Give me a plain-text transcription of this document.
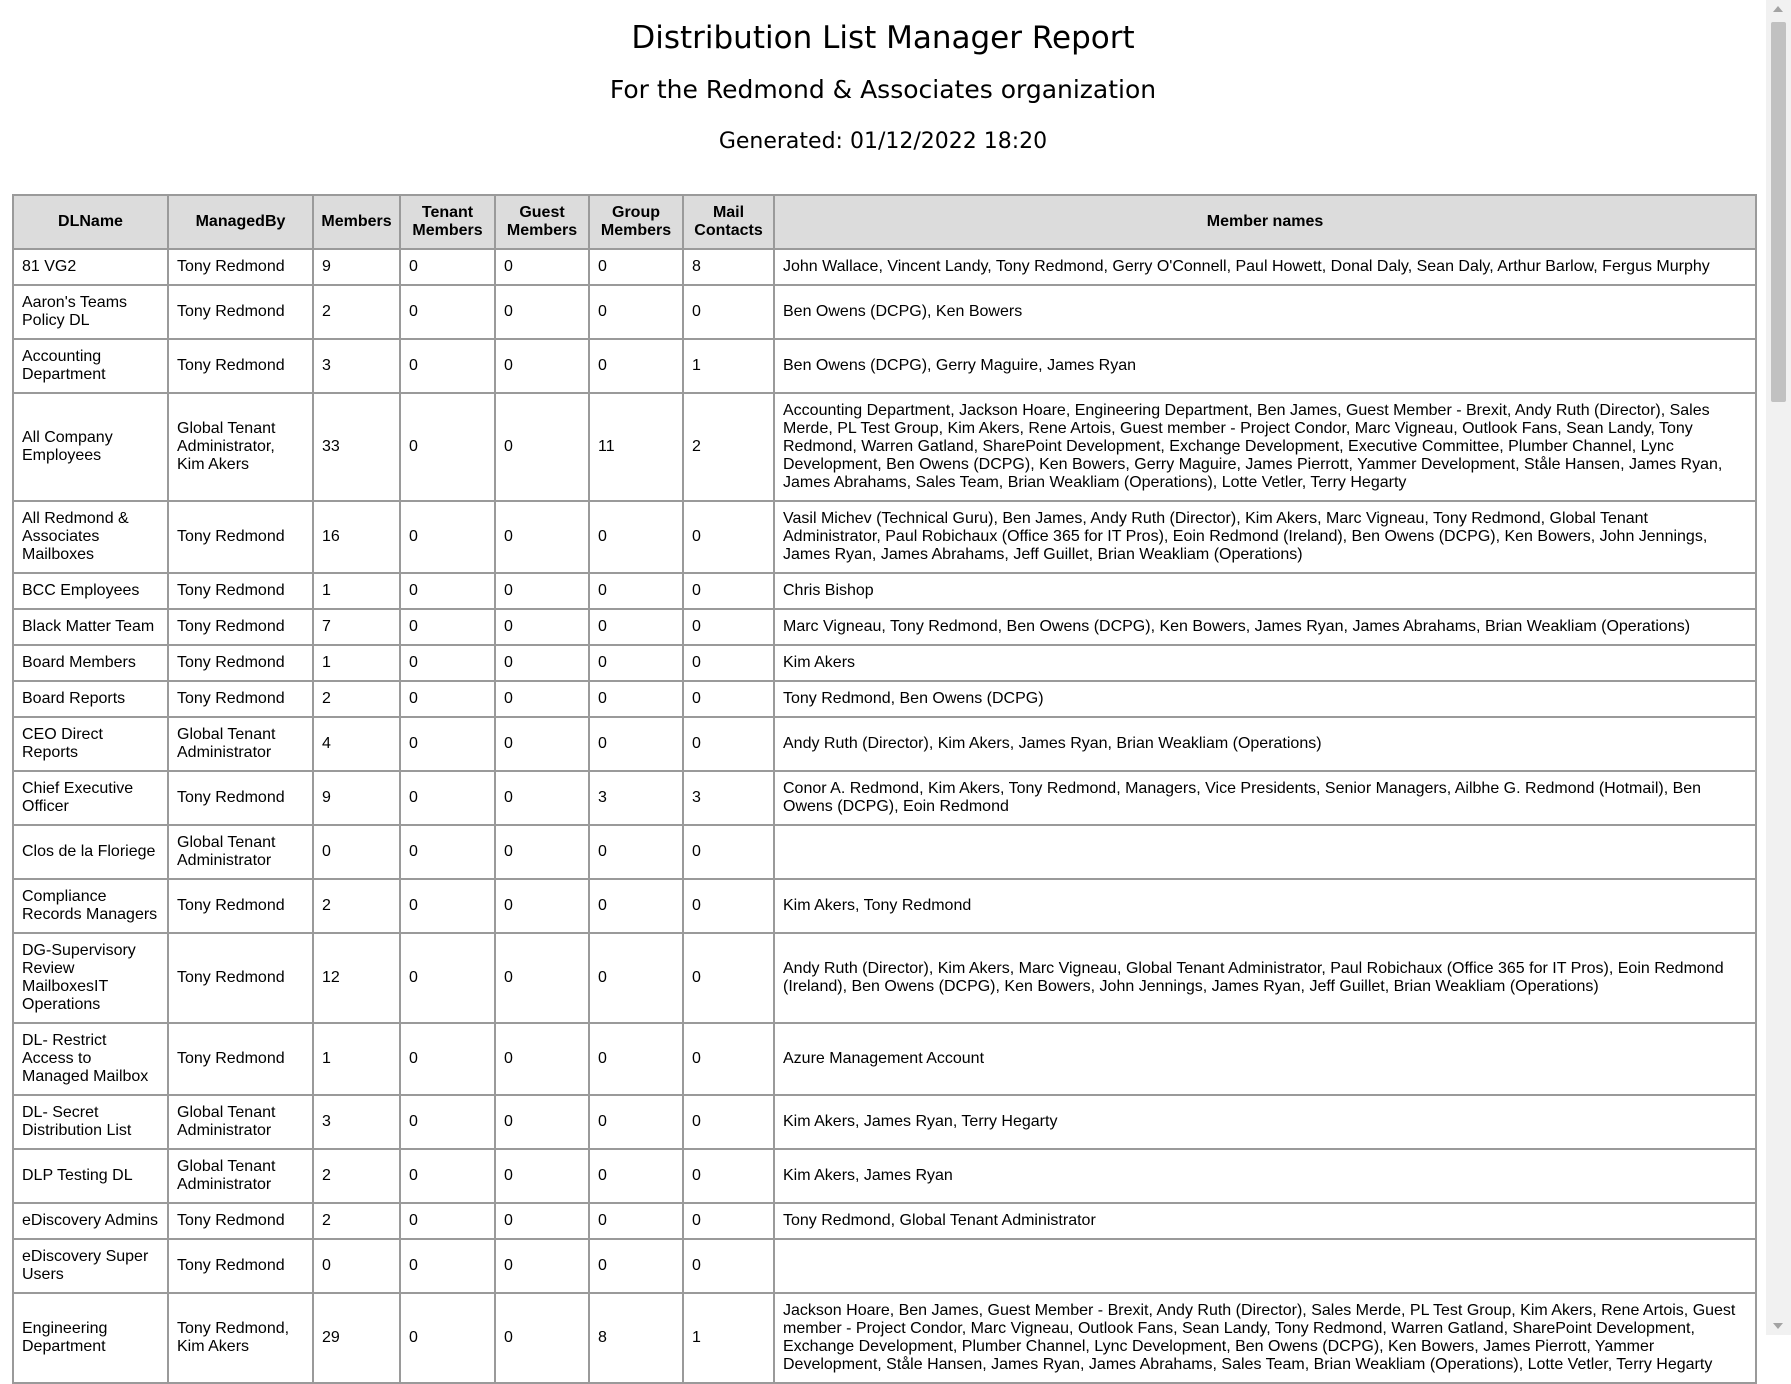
Distribution List Manager Report
For the Redmond & Associates organization
Generated: 01/12/2022 18:20
DLName	ManagedBy	Members	Tenant Members	Guest Members	Group Members	Mail Contacts	Member names
81 VG2	Tony Redmond	9	0	0	0	8	John Wallace, Vincent Landy, Tony Redmond, Gerry O'Connell, Paul Howett, Donal Daly, Sean Daly, Arthur Barlow, Fergus Murphy
Aaron's Teams Policy DL	Tony Redmond	2	0	0	0	0	Ben Owens (DCPG), Ken Bowers
Accounting Department	Tony Redmond	3	0	0	0	1	Ben Owens (DCPG), Gerry Maguire, James Ryan
All Company Employees	Global Tenant Administrator, Kim Akers	33	0	0	11	2	Accounting Department, Jackson Hoare, Engineering Department, Ben James, Guest Member - Brexit, Andy Ruth (Director), Sales Merde, PL Test Group, Kim Akers, Rene Artois, Guest member - Project Condor, Marc Vigneau, Outlook Fans, Sean Landy, Tony Redmond, Warren Gatland, SharePoint Development, Exchange Development, Executive Committee, Plumber Channel, Lync Development, Ben Owens (DCPG), Ken Bowers, Gerry Maguire, James Pierrott, Yammer Development, Ståle Hansen, James Ryan, James Abrahams, Sales Team, Brian Weakliam (Operations), Lotte Vetler, Terry Hegarty
All Redmond & Associates Mailboxes	Tony Redmond	16	0	0	0	0	Vasil Michev (Technical Guru), Ben James, Andy Ruth (Director), Kim Akers, Marc Vigneau, Tony Redmond, Global Tenant Administrator, Paul Robichaux (Office 365 for IT Pros), Eoin Redmond (Ireland), Ben Owens (DCPG), Ken Bowers, John Jennings, James Ryan, James Abrahams, Jeff Guillet, Brian Weakliam (Operations)
BCC Employees	Tony Redmond	1	0	0	0	0	Chris Bishop
Black Matter Team	Tony Redmond	7	0	0	0	0	Marc Vigneau, Tony Redmond, Ben Owens (DCPG), Ken Bowers, James Ryan, James Abrahams, Brian Weakliam (Operations)
Board Members	Tony Redmond	1	0	0	0	0	Kim Akers
Board Reports	Tony Redmond	2	0	0	0	0	Tony Redmond, Ben Owens (DCPG)
CEO Direct Reports	Global Tenant Administrator	4	0	0	0	0	Andy Ruth (Director), Kim Akers, James Ryan, Brian Weakliam (Operations)
Chief Executive Officer	Tony Redmond	9	0	0	3	3	Conor A. Redmond, Kim Akers, Tony Redmond, Managers, Vice Presidents, Senior Managers, Ailbhe G. Redmond (Hotmail), Ben Owens (DCPG), Eoin Redmond
Clos de la Floriege	Global Tenant Administrator	0	0	0	0	0	
Compliance Records Managers	Tony Redmond	2	0	0	0	0	Kim Akers, Tony Redmond
DG-Supervisory Review MailboxesIT Operations	Tony Redmond	12	0	0	0	0	Andy Ruth (Director), Kim Akers, Marc Vigneau, Global Tenant Administrator, Paul Robichaux (Office 365 for IT Pros), Eoin Redmond (Ireland), Ben Owens (DCPG), Ken Bowers, John Jennings, James Ryan, Jeff Guillet, Brian Weakliam (Operations)
DL- Restrict Access to Managed Mailbox	Tony Redmond	1	0	0	0	0	Azure Management Account
DL- Secret Distribution List	Global Tenant Administrator	3	0	0	0	0	Kim Akers, James Ryan, Terry Hegarty
DLP Testing DL	Global Tenant Administrator	2	0	0	0	0	Kim Akers, James Ryan
eDiscovery Admins	Tony Redmond	2	0	0	0	0	Tony Redmond, Global Tenant Administrator
eDiscovery Super Users	Tony Redmond	0	0	0	0	0	
Engineering Department	Tony Redmond, Kim Akers	29	0	0	8	1	Jackson Hoare, Ben James, Guest Member - Brexit, Andy Ruth (Director), Sales Merde, PL Test Group, Kim Akers, Rene Artois, Guest member - Project Condor, Marc Vigneau, Outlook Fans, Sean Landy, Tony Redmond, Warren Gatland, SharePoint Development, Exchange Development, Plumber Channel, Lync Development, Ben Owens (DCPG), Ken Bowers, James Pierrott, Yammer Development, Ståle Hansen, James Ryan, James Abrahams, Sales Team, Brian Weakliam (Operations), Lotte Vetler, Terry Hegarty
